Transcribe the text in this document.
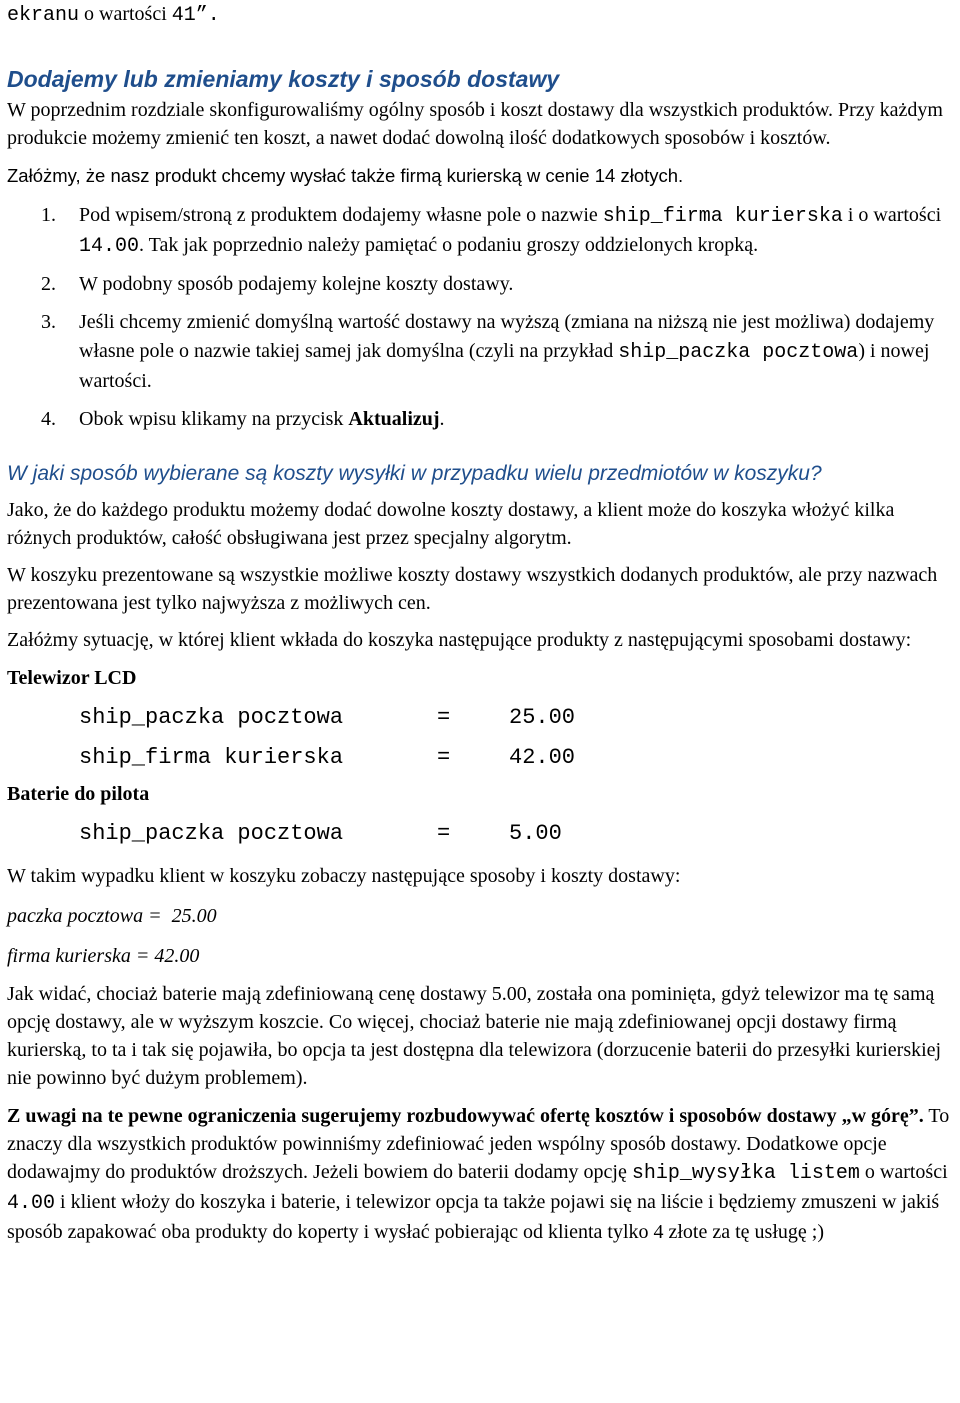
ekranu o wartości 41”.

Dodajemy lub zmieniamy koszty i sposób dostawy

W poprzednim rozdziale skonfigurowaliśmy ogólny sposób i koszt dostawy dla wszystkich produktów. Przy każdym produkcie możemy zmienić ten koszt, a nawet dodać dowolną ilość dodatkowych sposobów i kosztów.

Załóżmy, że nasz produkt chcemy wysłać także firmą kurierską w cenie 14 złotych.

1. Pod wpisem/stroną z produktem dodajemy własne pole o nazwie ship_firma kurierska i o wartości 14.00. Tak jak poprzednio należy pamiętać o podaniu groszy oddzielonych kropką.
2. W podobny sposób podajemy kolejne koszty dostawy.
3. Jeśli chcemy zmienić domyślną wartość dostawy na wyższą (zmiana na niższą nie jest możliwa) dodajemy własne pole o nazwie takiej samej jak domyślna (czyli na przykład ship_paczka pocztowa) i nowej wartości.
4. Obok wpisu klikamy na przycisk Aktualizuj.

W jaki sposób wybierane są koszty wysyłki w przypadku wielu przedmiotów w koszyku?

Jako, że do każdego produktu możemy dodać dowolne koszty dostawy, a klient może do koszyka włożyć kilka różnych produktów, całość obsługiwana jest przez specjalny algorytm.

W koszyku prezentowane są wszystkie możliwe koszty dostawy wszystkich dodanych produktów, ale przy nazwach prezentowana jest tylko najwyższa z możliwych cen.

Załóżmy sytuację, w której klient wkłada do koszyka następujące produkty z następującymi sposobami dostawy:

Telewizor LCD

ship_paczka pocztowa	=	25.00
ship_firma kurierska	=	42.00

Baterie do pilota

ship_paczka pocztowa	=	5.00

W takim wypadku klient w koszyku zobaczy następujące sposoby i koszty dostawy:

paczka pocztowa =  25.00

firma kurierska = 42.00

Jak widać, chociaż baterie mają zdefiniowaną cenę dostawy 5.00, została ona pominięta, gdyż telewizor ma tę samą opcję dostawy, ale w wyższym koszcie. Co więcej, chociaż baterie nie mają zdefiniowanej opcji dostawy firmą kurierską, to ta i tak się pojawiła, bo opcja ta jest dostępna dla telewizora (dorzucenie baterii do przesyłki kurierskiej nie powinno być dużym problemem).

Z uwagi na te pewne ograniczenia sugerujemy rozbudowywać ofertę kosztów i sposobów dostawy „w górę”. To znaczy dla wszystkich produktów powinniśmy zdefiniować jeden wspólny sposób dostawy. Dodatkowe opcje dodawajmy do produktów droższych. Jeżeli bowiem do baterii dodamy opcję ship_wysyłka listem o wartości 4.00 i klient włoży do koszyka i baterie, i telewizor opcja ta także pojawi się na liście i będziemy zmuszeni w jakiś sposób zapakować oba produkty do koperty i wysłać pobierając od klienta tylko 4 złote za tę usługę ;)
